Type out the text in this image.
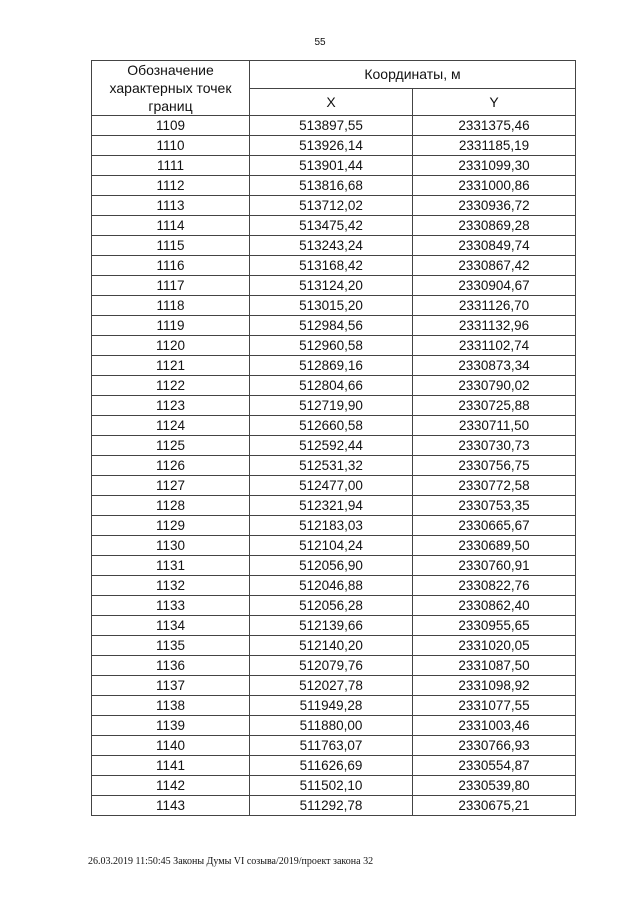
55
Обозначение характерных точек границ	Координаты, м	
	X	Y
1109	513897,55	2331375,46
1110	513926,14	2331185,19
1111	513901,44	2331099,30
1112	513816,68	2331000,86
1113	513712,02	2330936,72
1114	513475,42	2330869,28
1115	513243,24	2330849,74
1116	513168,42	2330867,42
1117	513124,20	2330904,67
1118	513015,20	2331126,70
1119	512984,56	2331132,96
1120	512960,58	2331102,74
1121	512869,16	2330873,34
1122	512804,66	2330790,02
1123	512719,90	2330725,88
1124	512660,58	2330711,50
1125	512592,44	2330730,73
1126	512531,32	2330756,75
1127	512477,00	2330772,58
1128	512321,94	2330753,35
1129	512183,03	2330665,67
1130	512104,24	2330689,50
1131	512056,90	2330760,91
1132	512046,88	2330822,76
1133	512056,28	2330862,40
1134	512139,66	2330955,65
1135	512140,20	2331020,05
1136	512079,76	2331087,50
1137	512027,78	2331098,92
1138	511949,28	2331077,55
1139	511880,00	2331003,46
1140	511763,07	2330766,93
1141	511626,69	2330554,87
1142	511502,10	2330539,80
1143	511292,78	2330675,21
26.03.2019 11:50:45 Законы Думы VI созыва/2019/проект закона 32
